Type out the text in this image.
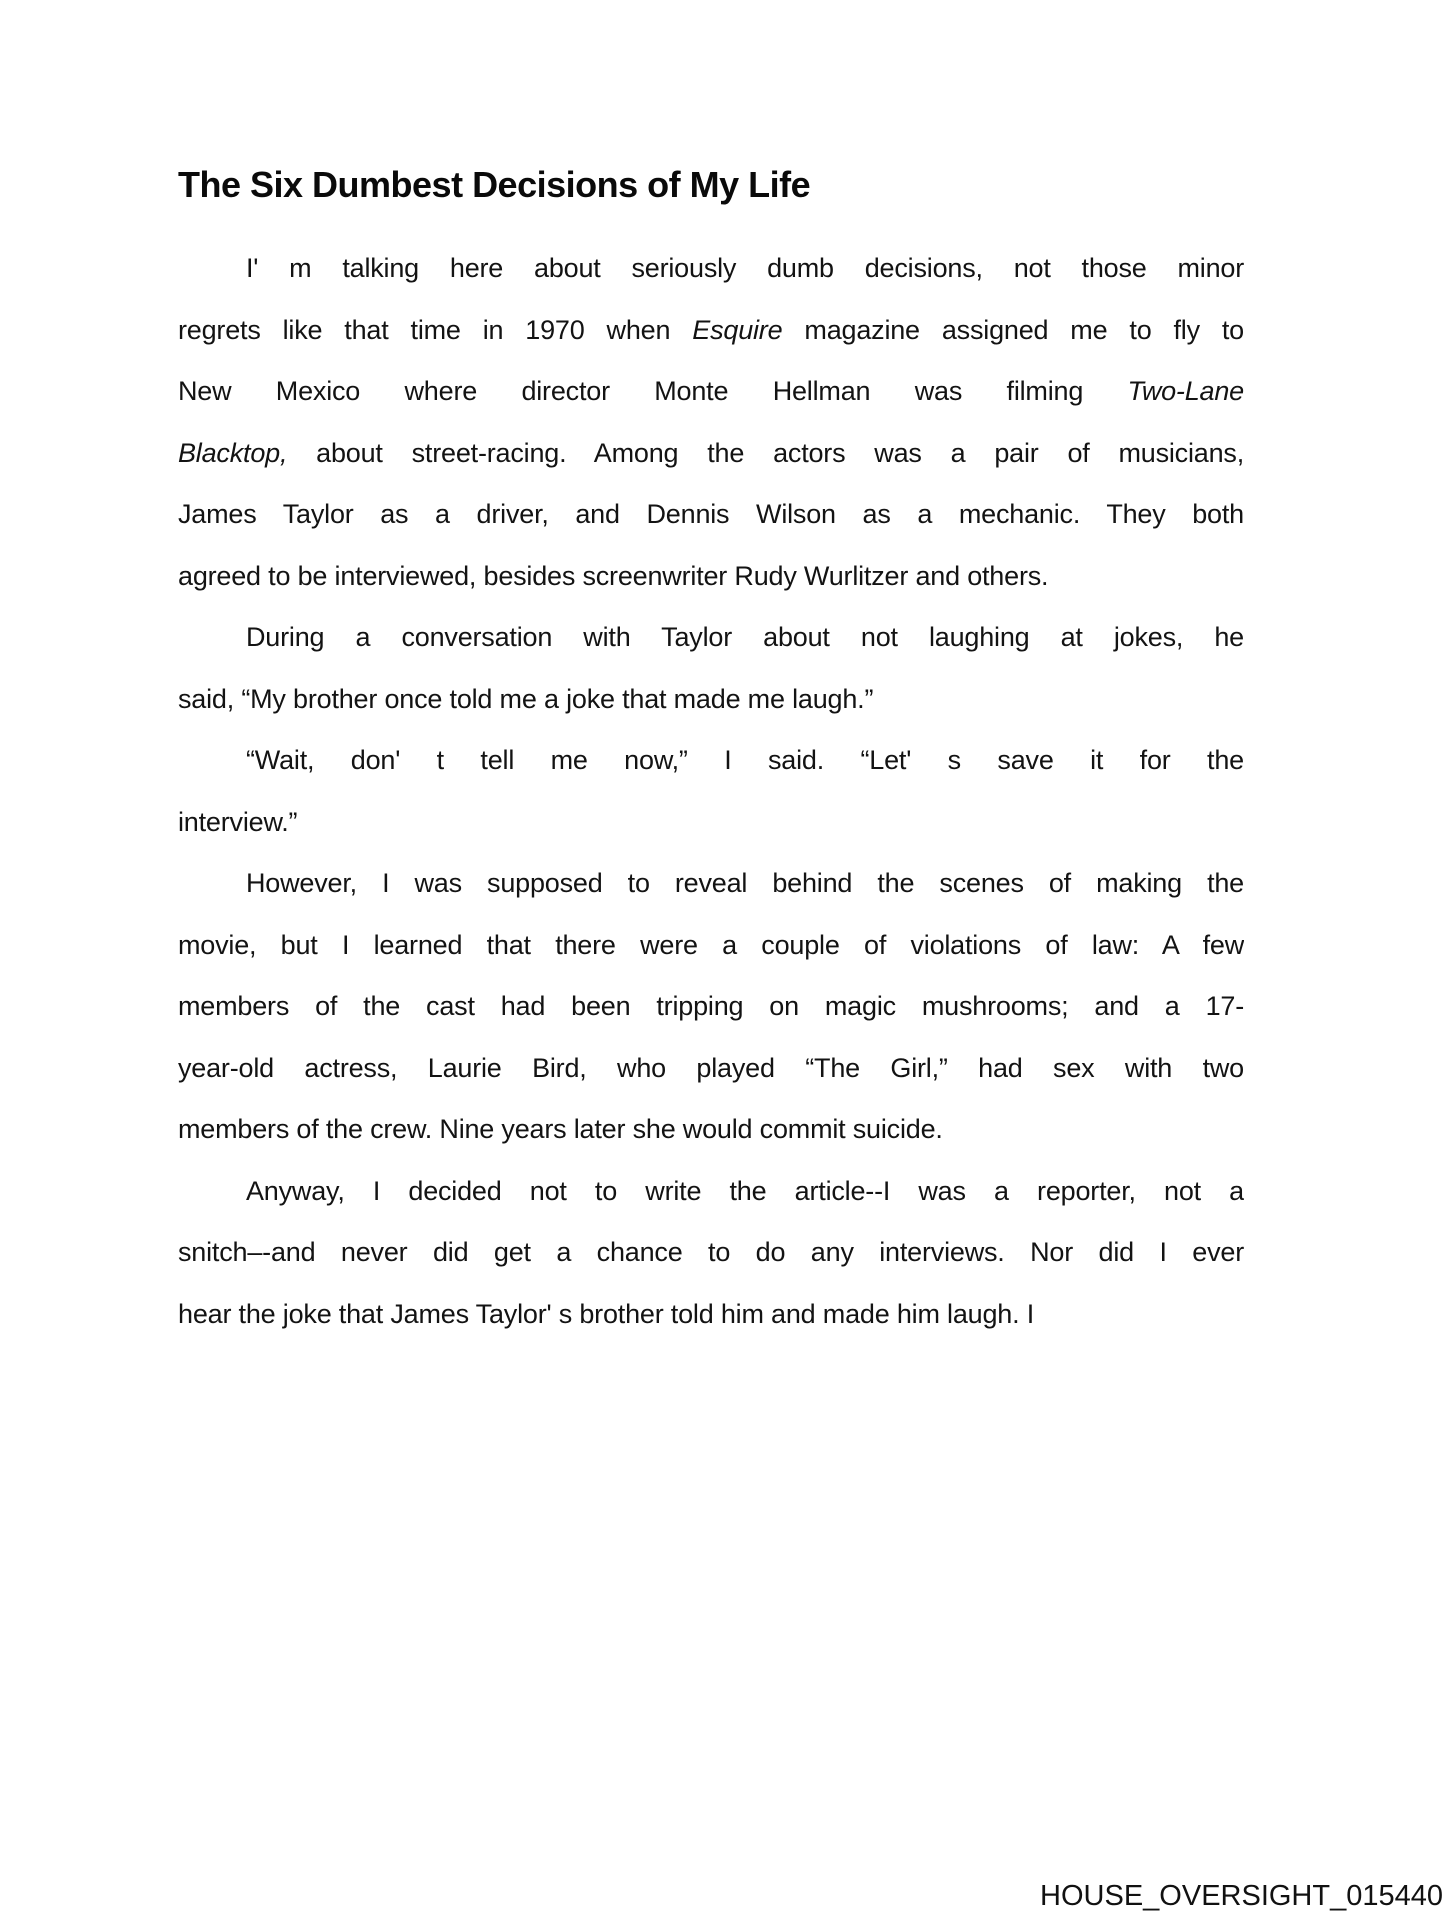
The Six Dumbest Decisions of My Life
I' m talking here about seriously dumb decisions, not those minor
regrets like that time in 1970 when Esquire magazine assigned me to fly to
New Mexico where director Monte Hellman was filming Two-Lane
Blacktop, about street-racing. Among the actors was a pair of musicians,
James Taylor as a driver, and Dennis Wilson as a mechanic. They both
agreed to be interviewed, besides screenwriter Rudy Wurlitzer and others.
During a conversation with Taylor about not laughing at jokes, he
said, “My brother once told me a joke that made me laugh.”
“Wait, don' t tell me now,” I said. “Let' s save it for the
interview.”
However, I was supposed to reveal behind the scenes of making the
movie, but I learned that there were a couple of violations of law: A few
members of the cast had been tripping on magic mushrooms; and a 17-
year-old actress, Laurie Bird, who played “The Girl,” had sex with two
members of the crew. Nine years later she would commit suicide.
Anyway, I decided not to write the article--I was a reporter, not a
snitch–-and never did get a chance to do any interviews. Nor did I ever
hear the joke that James Taylor' s brother told him and made him laugh. I
HOUSE_OVERSIGHT_015440
